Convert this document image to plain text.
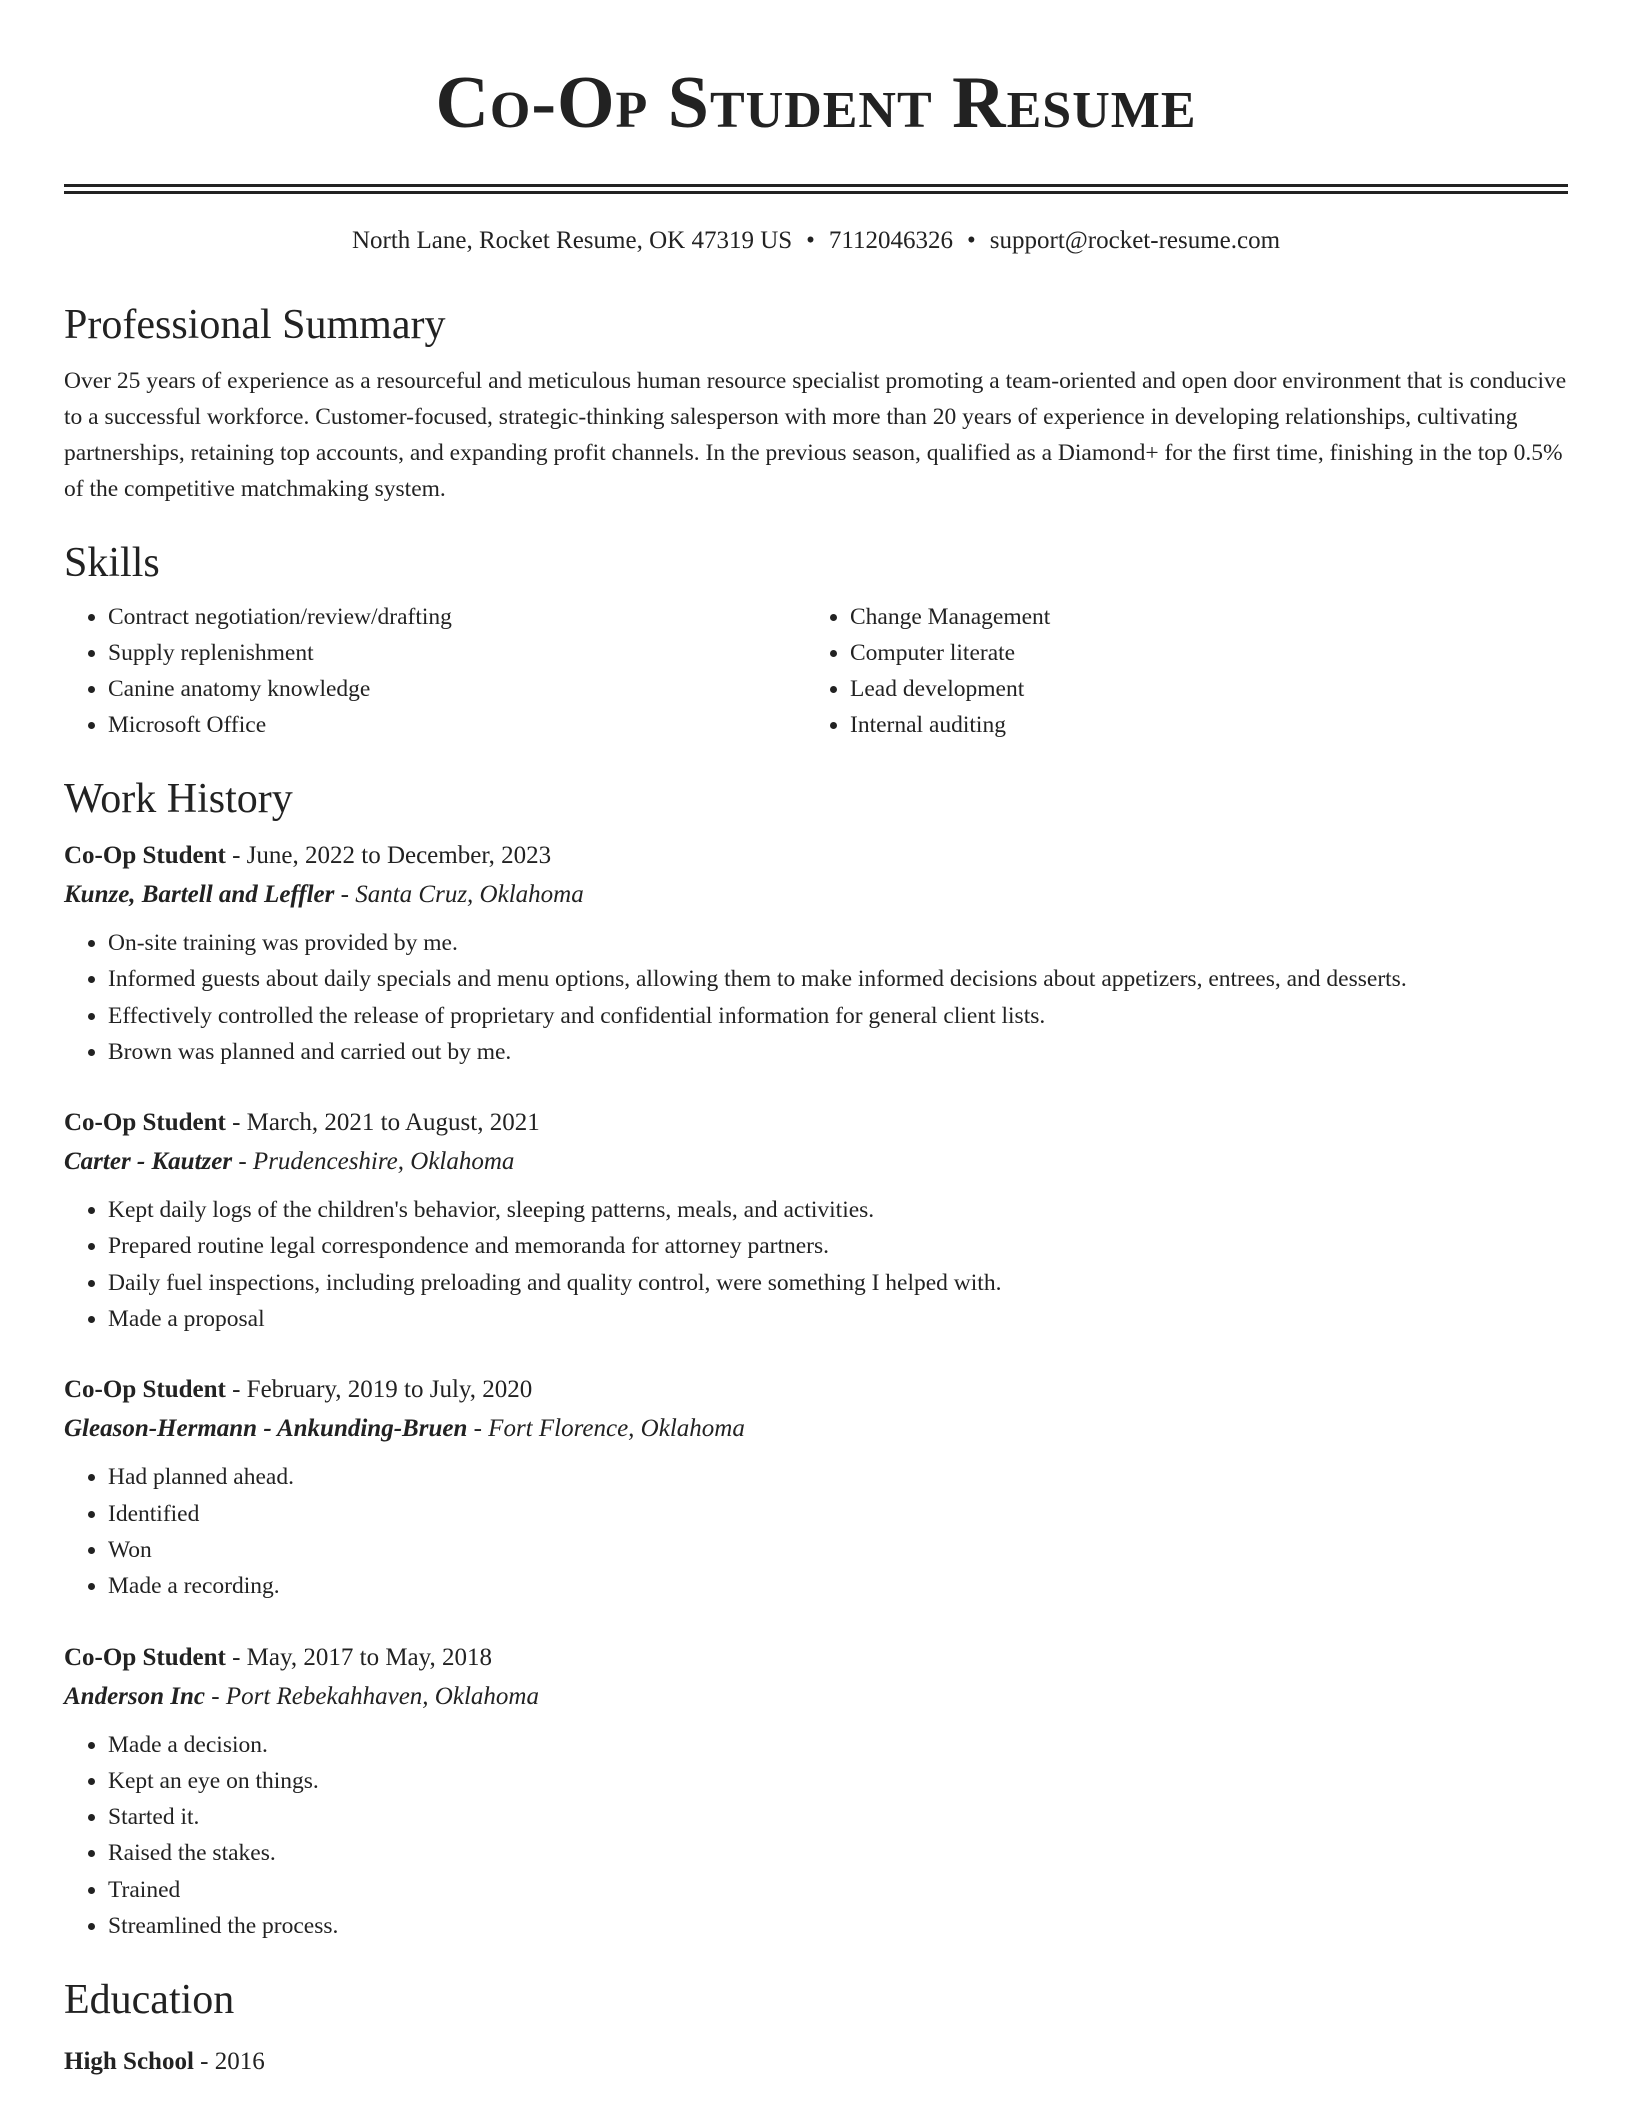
Co-Op Student Resume
North Lane, Rocket Resume, OK 47319 US • 7112046326 • support@rocket-resume.com
Professional Summary

Over 25 years of experience as a resourceful and meticulous human resource specialist promoting a team-oriented and open door environment that is conducive to a successful workforce. Customer-focused, strategic-thinking salesperson with more than 20 years of experience in developing relationships, cultivating partnerships, retaining top accounts, and expanding profit channels. In the previous season, qualified as a Diamond+ for the first time, finishing in the top 0.5% of the competitive matchmaking system.

Skills
• Contract negotiation/review/drafting
• Supply replenishment
• Canine anatomy knowledge
• Microsoft Office
• Change Management
• Computer literate
• Lead development
• Internal auditing
Work History
Co-Op Student - June, 2022 to December, 2023
Kunze, Bartell and Leffler - Santa Cruz, Oklahoma
• On-site training was provided by me.
• Informed guests about daily specials and menu options, allowing them to make informed decisions about appetizers, entrees, and desserts.
• Effectively controlled the release of proprietary and confidential information for general client lists.
• Brown was planned and carried out by me.
Co-Op Student - March, 2021 to August, 2021
Carter - Kautzer - Prudenceshire, Oklahoma
• Kept daily logs of the children's behavior, sleeping patterns, meals, and activities.
• Prepared routine legal correspondence and memoranda for attorney partners.
• Daily fuel inspections, including preloading and quality control, were something I helped with.
• Made a proposal
Co-Op Student - February, 2019 to July, 2020
Gleason-Hermann - Ankunding-Bruen - Fort Florence, Oklahoma
• Had planned ahead.
• Identified
• Won
• Made a recording.
Co-Op Student - May, 2017 to May, 2018
Anderson Inc - Port Rebekahhaven, Oklahoma
• Made a decision.
• Kept an eye on things.
• Started it.
• Raised the stakes.
• Trained
• Streamlined the process.
Education
High School - 2016
